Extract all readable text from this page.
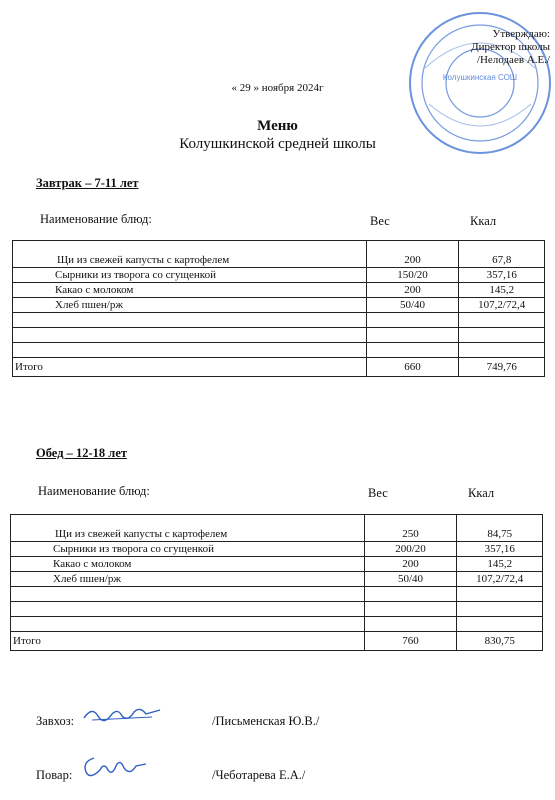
Колушкинская СОШ
Утверждаю:
Директор школы
/Нелодаев А.Е./
« 29 » ноября 2024г
Меню
Колушкинской средней школы
Завтрак – 7-11 лет
Наименование блюд:	Вес	Ккал
Щи из свежей капусты с картофелем	200	67,8
Сырники из творога со сгущенкой	150/20	357,16
Какао с молоком	200	145,2
Хлеб пшен/рж	50/40	107,2/72,4

Итого	660	749,76
Обед – 12-18 лет
Наименование блюд:	Вес	Ккал
Щи из свежей капусты с картофелем	250	84,75
Сырники из творога со сгущенкой	200/20	357,16
Какао с молоком	200	145,2
Хлеб пшен/рж	50/40	107,2/72,4

Итого	760	830,75
Завхоз:	/Письменская Ю.В./
Повар:	/Чеботарева Е.А./
